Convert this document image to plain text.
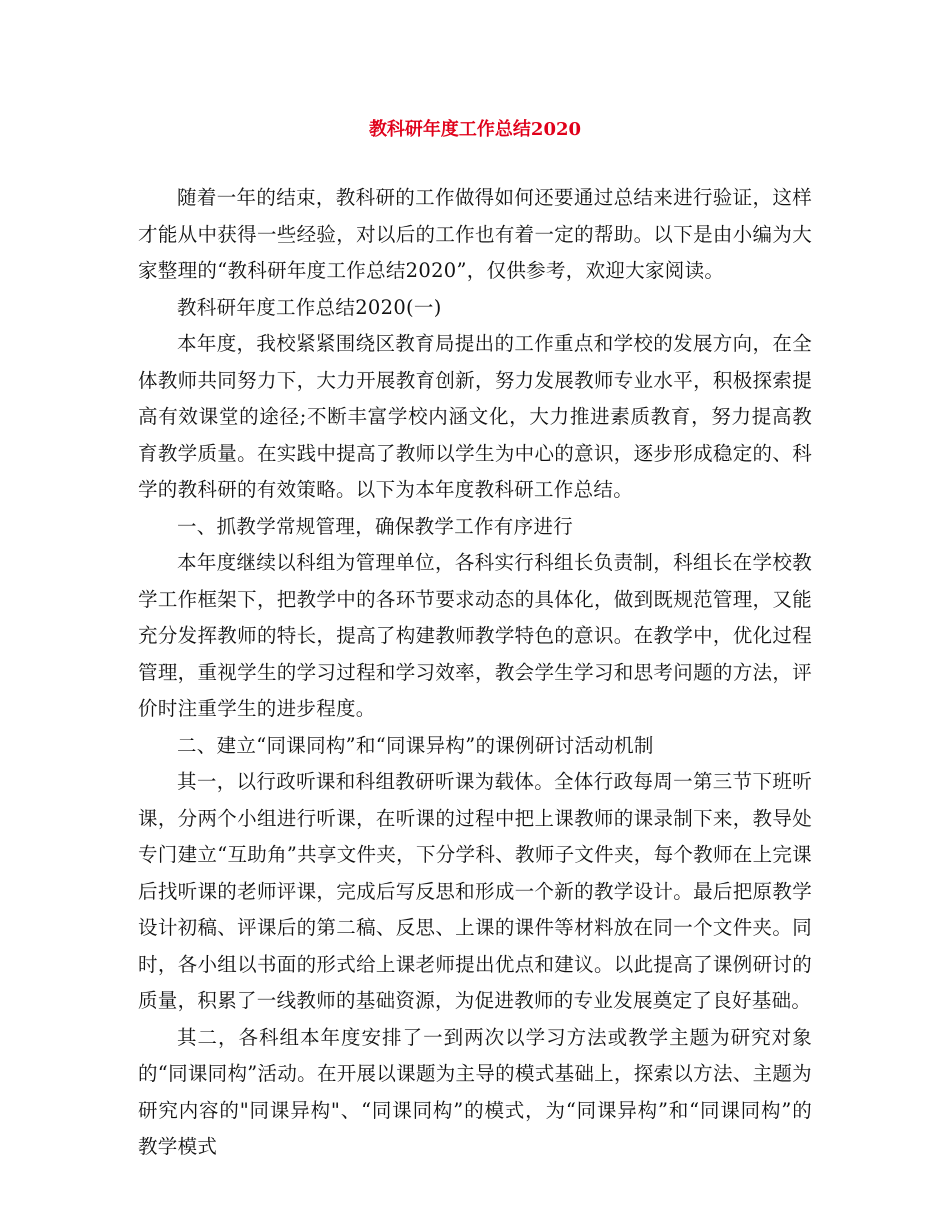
教科研年度工作总结2020

随着一年的结束，教科研的工作做得如何还要通过总结来进行验证，这样才能从中获得一些经验，对以后的工作也有着一定的帮助。以下是由小编为大家整理的“教科研年度工作总结2020”，仅供参考，欢迎大家阅读。

教科研年度工作总结2020(一)

本年度，我校紧紧围绕区教育局提出的工作重点和学校的发展方向，在全体教师共同努力下，大力开展教育创新，努力发展教师专业水平，积极探索提高有效课堂的途径;不断丰富学校内涵文化，大力推进素质教育，努力提高教育教学质量。在实践中提高了教师以学生为中心的意识，逐步形成稳定的、科学的教科研的有效策略。以下为本年度教科研工作总结。

一、抓教学常规管理，确保教学工作有序进行

本年度继续以科组为管理单位，各科实行科组长负责制，科组长在学校教学工作框架下，把教学中的各环节要求动态的具体化，做到既规范管理，又能充分发挥教师的特长，提高了构建教师教学特色的意识。在教学中，优化过程管理，重视学生的学习过程和学习效率，教会学生学习和思考问题的方法，评价时注重学生的进步程度。

二、建立“同课同构”和“同课异构”的课例研讨活动机制

其一，以行政听课和科组教研听课为载体。全体行政每周一第三节下班听课，分两个小组进行听课，在听课的过程中把上课教师的课录制下来，教导处专门建立“互助角”共享文件夹，下分学科、教师子文件夹，每个教师在上完课后找听课的老师评课，完成后写反思和形成一个新的教学设计。最后把原教学设计初稿、评课后的第二稿、反思、上课的课件等材料放在同一个文件夹。同时，各小组以书面的形式给上课老师提出优点和建议。以此提高了课例研讨的质量，积累了一线教师的基础资源，为促进教师的专业发展奠定了良好基础。

其二，各科组本年度安排了一到两次以学习方法或教学主题为研究对象的“同课同构”活动。在开展以课题为主导的模式基础上，探索以方法、主题为研究内容的"同课异构"、“同课同构”的模式，为“同课异构”和“同课同构”的教学模式
